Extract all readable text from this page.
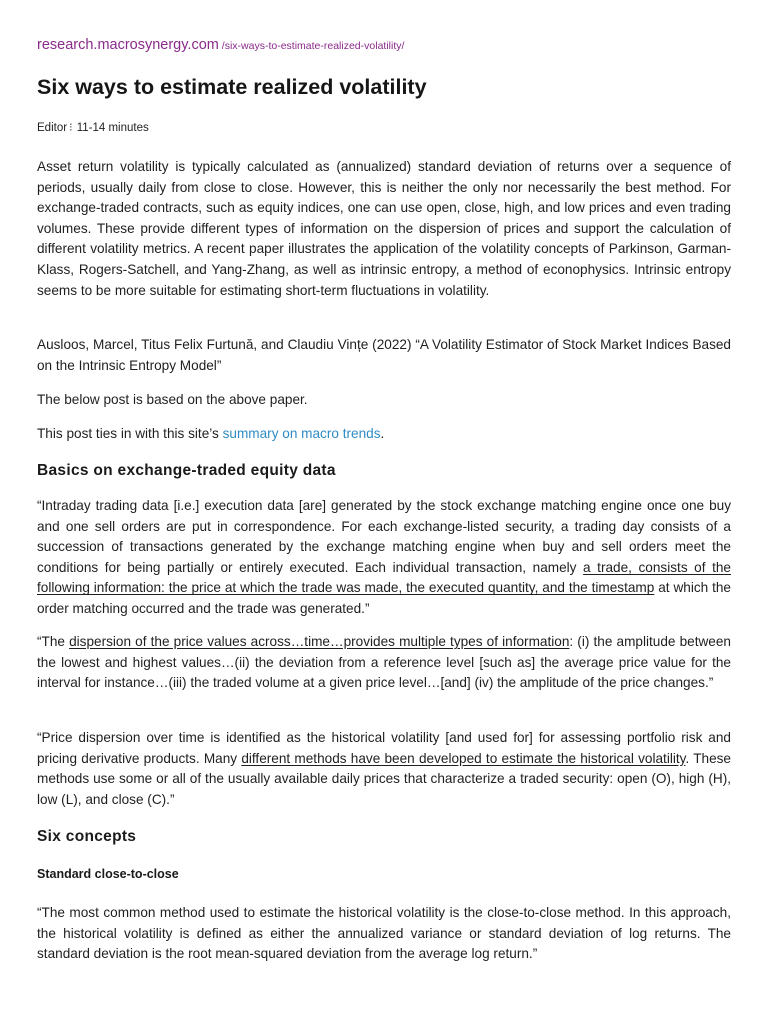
research.macrosynergy.com /six-ways-to-estimate-realized-volatility/
Six ways to estimate realized volatility
Editor ⁝ 11-14 minutes

Asset return volatility is typically calculated as (annualized) standard deviation of returns over a sequence of periods, usually daily from close to close. However, this is neither the only nor necessarily the best method. For exchange-traded contracts, such as equity indices, one can use open, close, high, and low prices and even trading volumes. These provide different types of information on the dispersion of prices and support the calculation of different volatility metrics. A recent paper illustrates the application of the volatility concepts of Parkinson, Garman-Klass, Rogers-Satchell, and Yang-Zhang, as well as intrinsic entropy, a method of econophysics. Intrinsic entropy seems to be more suitable for estimating short-term fluctuations in volatility.

Ausloos, Marcel, Titus Felix Furtună, and Claudiu Vințe (2022) “A Volatility Estimator of Stock Market Indices Based on the Intrinsic Entropy Model”

The below post is based on the above paper.

This post ties in with this site’s summary on macro trends.

Basics on exchange-traded equity data

“Intraday trading data [i.e.] execution data [are] generated by the stock exchange matching engine once one buy and one sell orders are put in correspondence. For each exchange-listed security, a trading day consists of a succession of transactions generated by the exchange matching engine when buy and sell orders meet the conditions for being partially or entirely executed. Each individual transaction, namely a trade, consists of the following information: the price at which the trade was made, the executed quantity, and the timestamp at which the order matching occurred and the trade was generated.”

“The dispersion of the price values across…time…provides multiple types of information: (i) the amplitude between the lowest and highest values…(ii) the deviation from a reference level [such as] the average price value for the interval for instance…(iii) the traded volume at a given price level…[and] (iv) the amplitude of the price changes.”

“Price dispersion over time is identified as the historical volatility [and used for] for assessing portfolio risk and pricing derivative products. Many different methods have been developed to estimate the historical volatility. These methods use some or all of the usually available daily prices that characterize a traded security: open (O), high (H), low (L), and close (C).”

Six concepts
Standard close-to-close

“The most common method used to estimate the historical volatility is the close-to-close method. In this approach, the historical volatility is defined as either the annualized variance or standard deviation of log returns. The standard deviation is the root mean-squared deviation from the average log return.”
